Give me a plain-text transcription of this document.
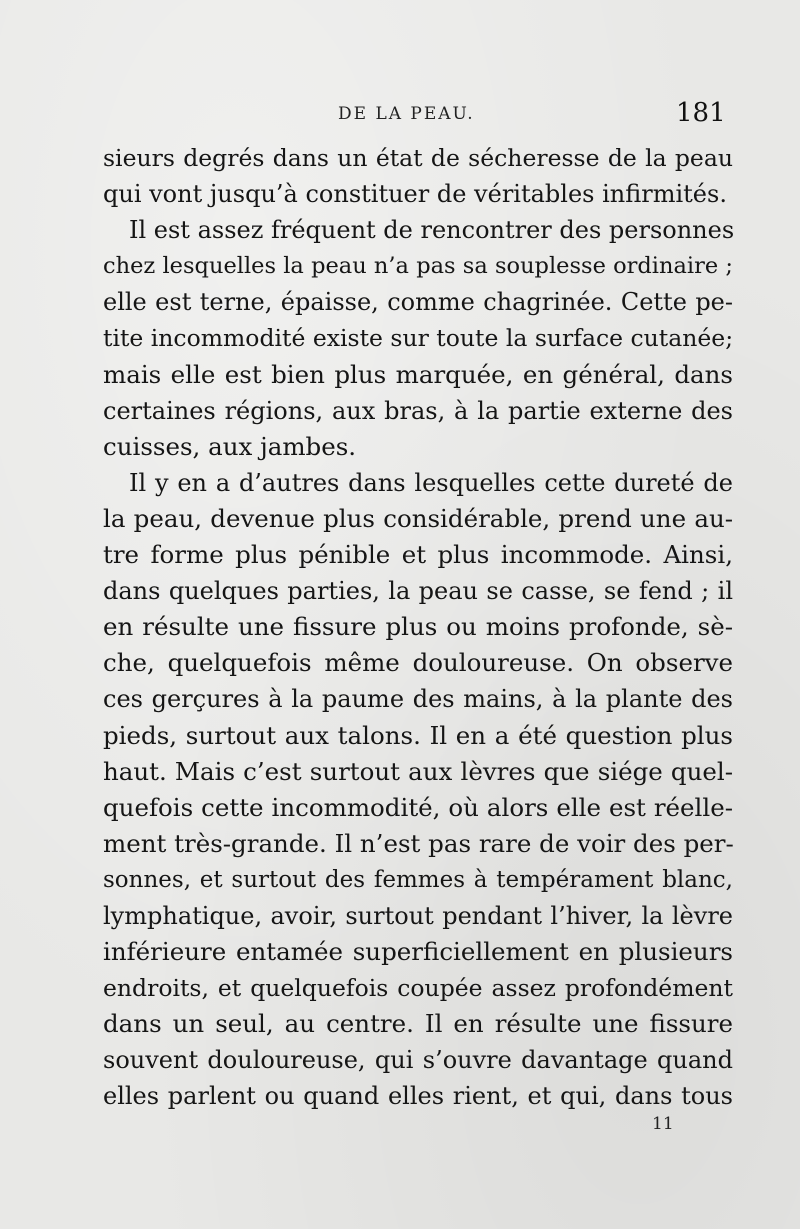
DE LA PEAU.	181
sieurs degrés dans un état de sécheresse de la peau
qui vont jusqu’à constituer de véritables infirmités.
Il est assez fréquent de rencontrer des personnes
chez lesquelles la peau n’a pas sa souplesse ordinaire ;
elle est terne, épaisse, comme chagrinée. Cette pe-
tite incommodité existe sur toute la surface cutanée;
mais elle est bien plus marquée, en général, dans
certaines régions, aux bras, à la partie externe des
cuisses, aux jambes.
Il y en a d’autres dans lesquelles cette dureté de
la peau, devenue plus considérable, prend une au-
tre forme plus pénible et plus incommode. Ainsi,
dans quelques parties, la peau se casse, se fend ; il
en résulte une fissure plus ou moins profonde, sè-
che, quelquefois même douloureuse. On observe
ces gerçures à la paume des mains, à la plante des
pieds, surtout aux talons. Il en a été question plus
haut. Mais c’est surtout aux lèvres que siége quel-
quefois cette incommodité, où alors elle est réelle-
ment très-grande. Il n’est pas rare de voir des per-
sonnes, et surtout des femmes à tempérament blanc,
lymphatique, avoir, surtout pendant l’hiver, la lèvre
inférieure entamée superficiellement en plusieurs
endroits, et quelquefois coupée assez profondément
dans un seul, au centre. Il en résulte une fissure
souvent douloureuse, qui s’ouvre davantage quand
elles parlent ou quand elles rient, et qui, dans tous
11
